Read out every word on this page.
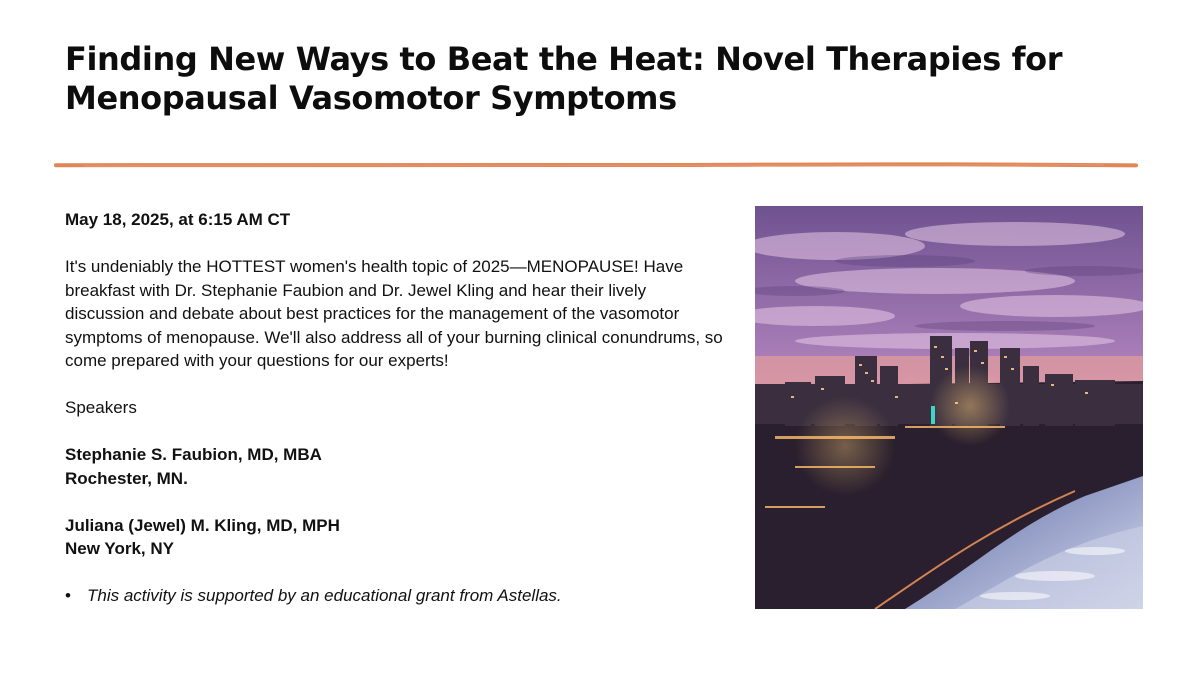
Finding New Ways to Beat the Heat: Novel Therapies for Menopausal Vasomotor Symptoms

May 18, 2025, at 6:15 AM CT

It's undeniably the HOTTEST women's health topic of 2025—MENOPAUSE! Have breakfast with Dr. Stephanie Faubion and Dr. Jewel Kling and hear their lively discussion and debate about best practices for the management of the vasomotor symptoms of menopause. We'll also address all of your burning clinical conundrums, so come prepared with your questions for our experts!

Speakers

Stephanie S. Faubion, MD, MBA

Rochester, MN.

Juliana (Jewel) M. Kling, MD, MPH

New York, NY

• This activity is supported by an educational grant from Astellas.
